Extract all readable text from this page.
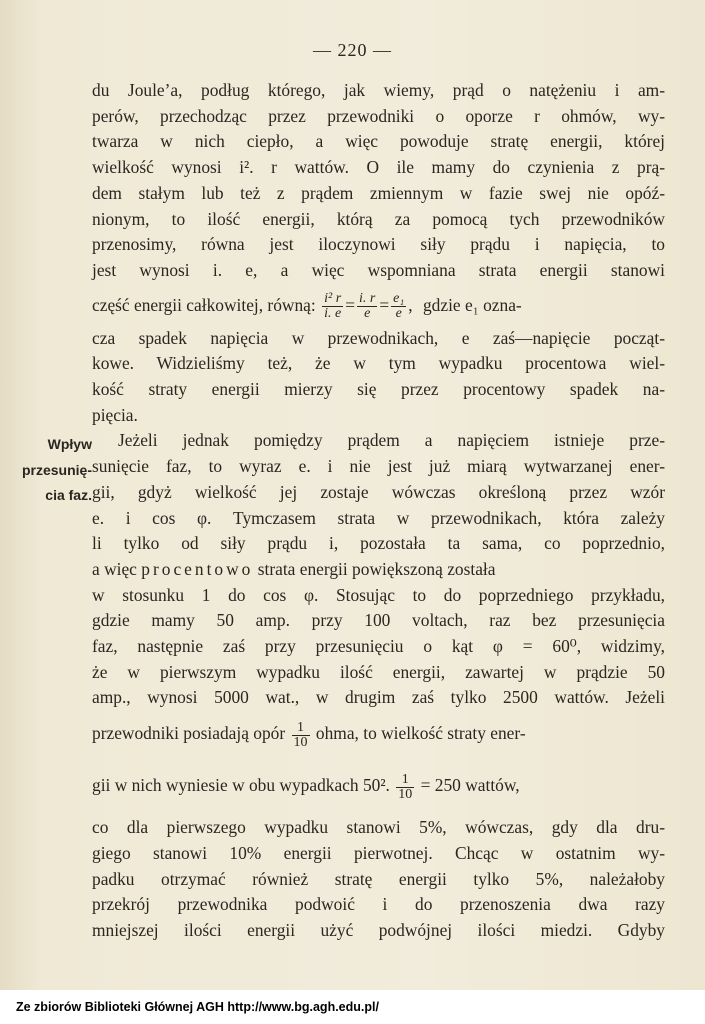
— 220 —
Wpływ
przesunię-
cia faz.
du Joule’a, podług którego, jak wiemy, prąd o natężeniu i am-
perów, przechodząc przez przewodniki o oporze r ohmów, wy-
twarza w nich ciepło, a więc powoduje stratę energii, której
wielkość wynosi i². r wattów. O ile mamy do czynienia z prą-
dem stałym lub też z prądem zmiennym w fazie swej nie opóź-
nionym, to ilość energii, którą za pomocą tych przewodników
przenosimy, równa jest iloczynowi siły prądu i napięcia, to
jest wynosi i. e, a więc wspomniana strata energii stanowi
część energii całkowitej, równą: $\frac{\text{i² r}}{i. e} = \frac{i. r}{e} = \frac{\text{e₁}}{e}$ , gdzie e₁ ozna-
cza spadek napięcia w przewodnikach, e zaś—napięcie począt-
kowe. Widzieliśmy też, że w tym wypadku procentowa wiel-
kość straty energii mierzy się przez procentowy spadek na-
pięcia.
Jeżeli jednak pomiędzy prądem a napięciem istnieje prze-
sunięcie faz, to wyraz e. i nie jest już miarą wytwarzanej ener-
gii, gdyż wielkość jej zostaje wówczas określoną przez wzór
e. i cos φ. Tymczasem strata w przewodnikach, która zależy
li tylko od siły prądu i, pozostała ta sama, co poprzednio,
a więc procentowo strata energii powiększoną została
w stosunku 1 do cos φ. Stosując to do poprzedniego przykładu,
gdzie mamy 50 amp. przy 100 voltach, raz bez przesunięcia
faz, następnie zaś przy przesunięciu o kąt φ = 60⁰, widzimy,
że w pierwszym wypadku ilość energii, zawartej w prądzie 50
amp., wynosi 5000 wat., w drugim zaś tylko 2500 wattów. Jeżeli
przewodniki posiadają opór $\frac{1}{10}$ ohma, to wielkość straty ener-
gii w nich wyniesie w obu wypadkach 50². $\frac{1}{10} = 250$ wattów,
co dla pierwszego wypadku stanowi 5%, wówczas, gdy dla dru-
giego stanowi 10% energii pierwotnej. Chcąc w ostatnim wy-
padku otrzymać również stratę energii tylko 5%, należałoby
przekrój przewodnika podwoić i do przenoszenia dwa razy
mniejszej ilości energii użyć podwójnej ilości miedzi. Gdyby
Ze zbiorów Biblioteki Głównej AGH http://www.bg.agh.edu.pl/
